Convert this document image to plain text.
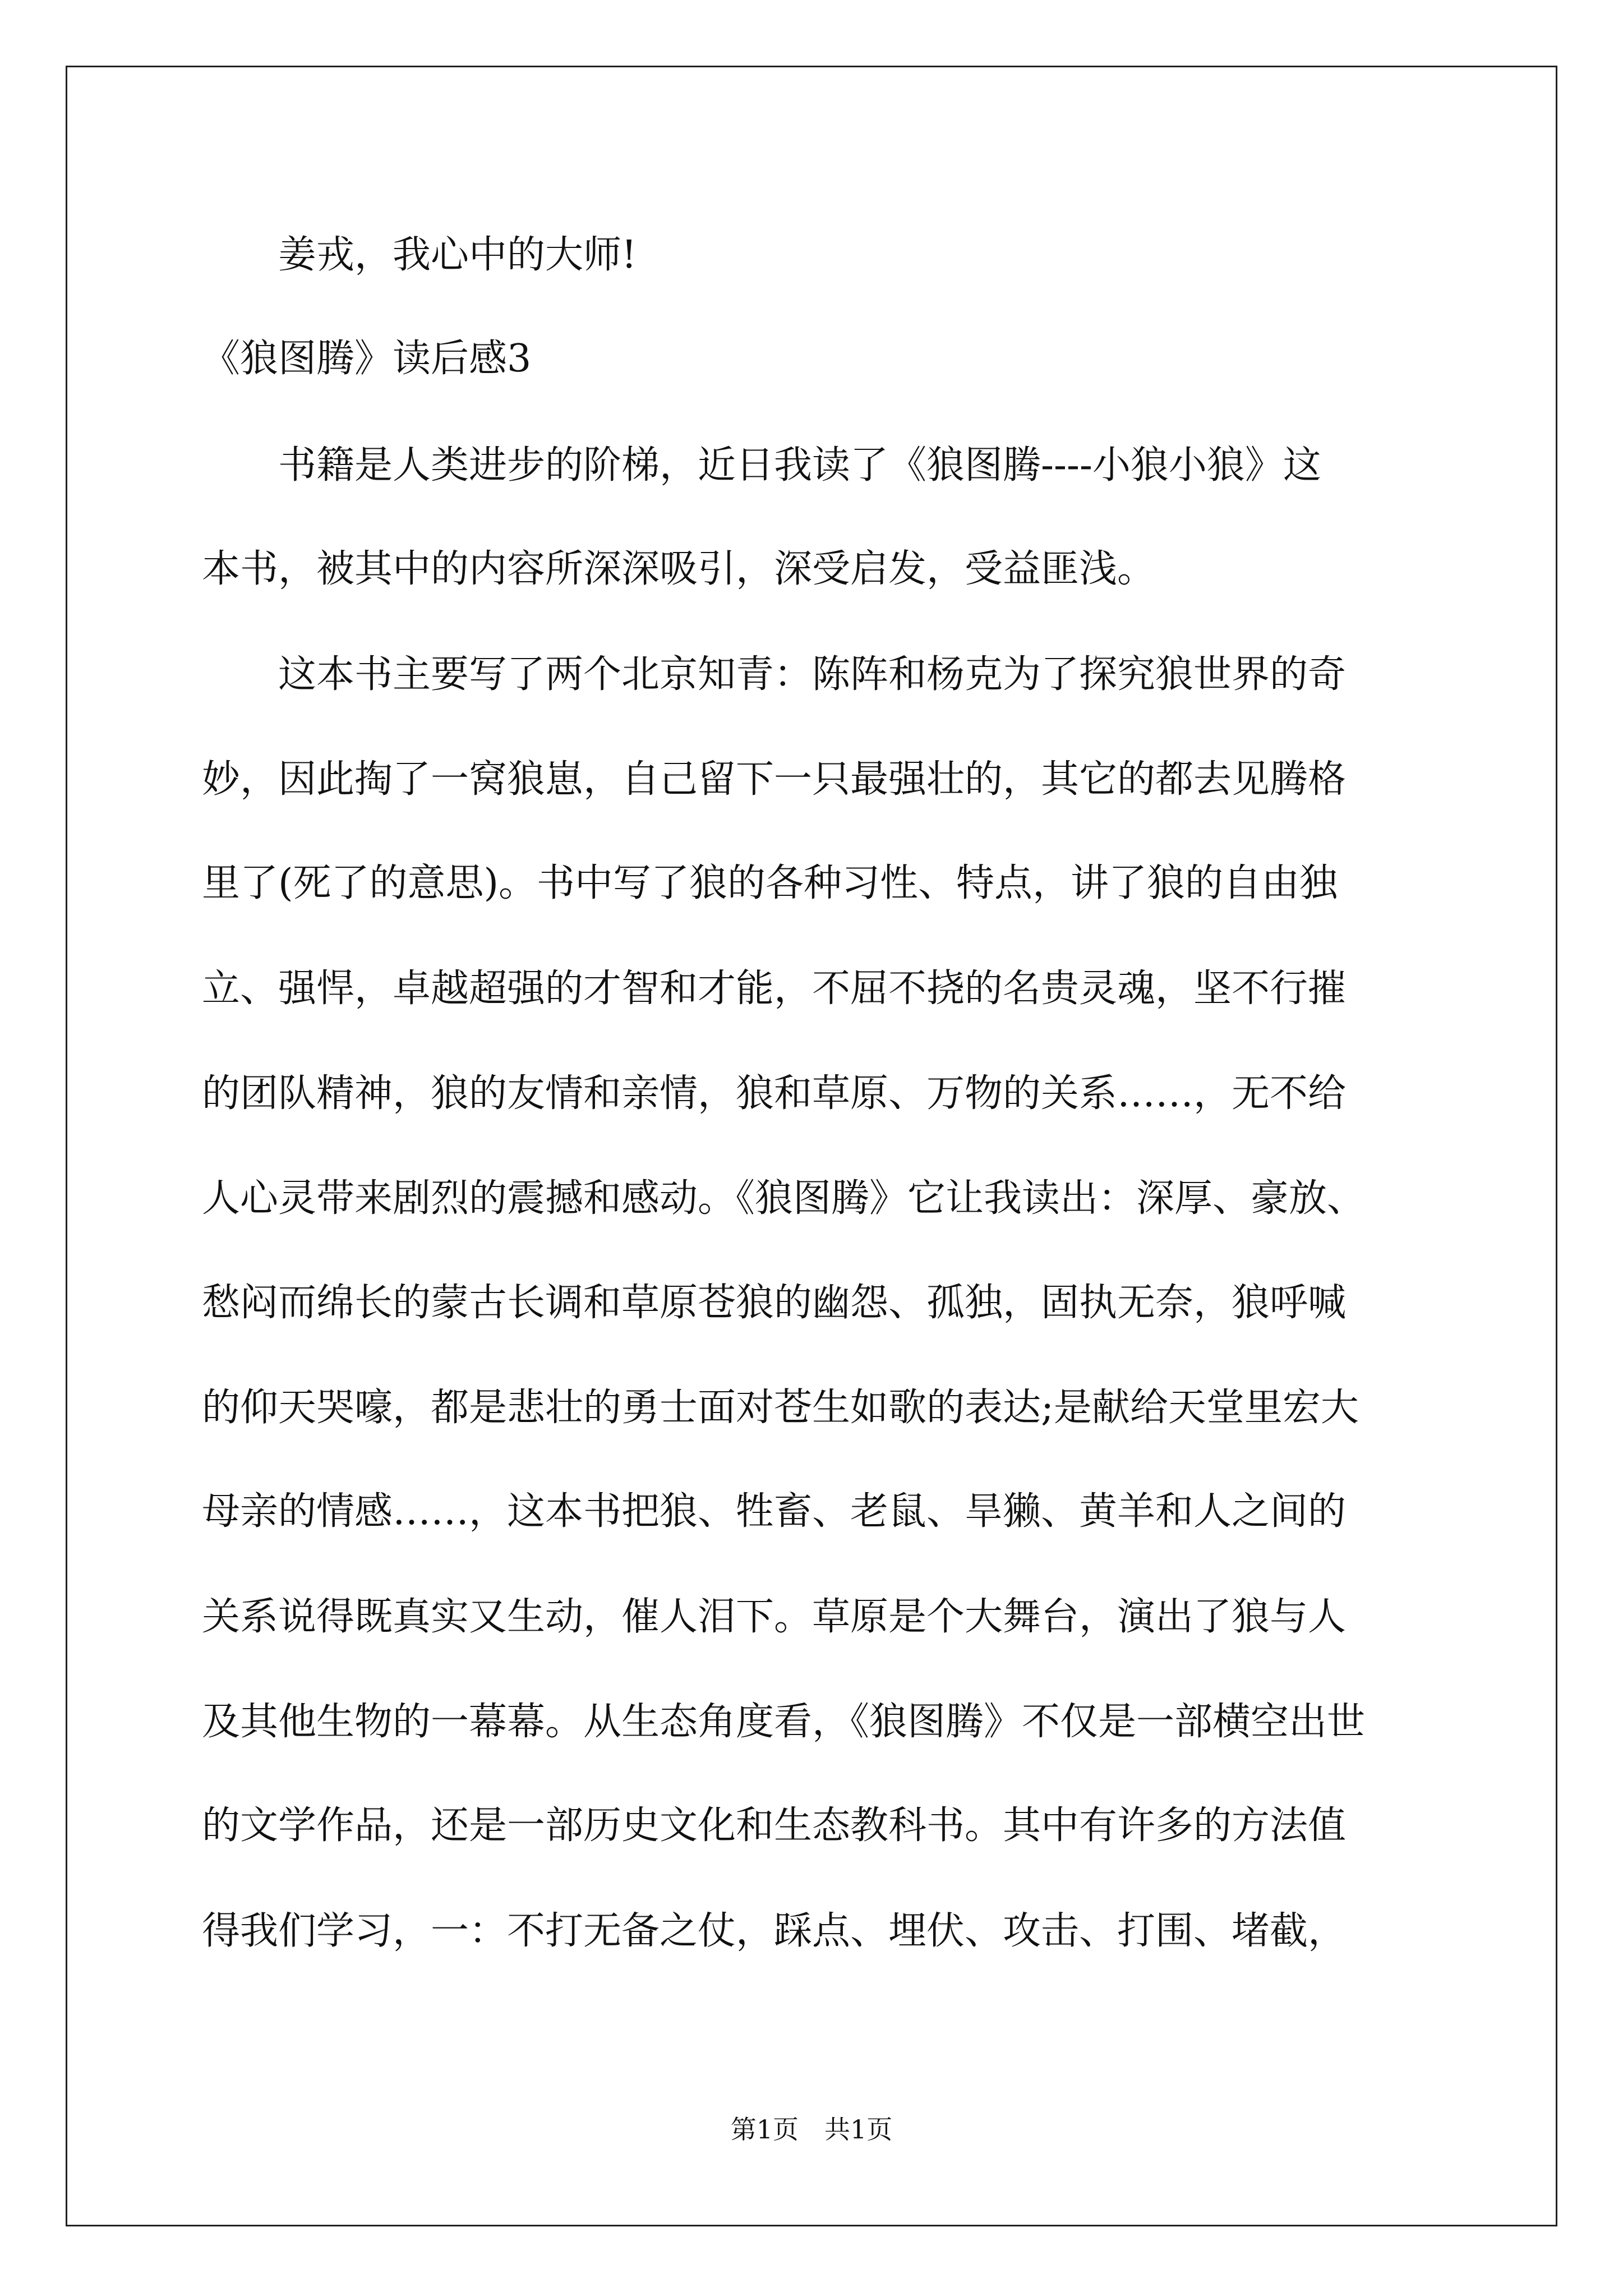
　　姜戎，我心中的大师!
《狼图腾》读后感3
　　书籍是人类进步的阶梯，近日我读了《狼图腾----小狼小狼》这
本书，被其中的内容所深深吸引，深受启发，受益匪浅。
　　这本书主要写了两个北京知青：陈阵和杨克为了探究狼世界的奇
妙，因此掏了一窝狼崽，自己留下一只最强壮的，其它的都去见腾格
里了(死了的意思)。书中写了狼的各种习性、特点，讲了狼的自由独
立、强悍，卓越超强的才智和才能，不屈不挠的名贵灵魂，坚不行摧
的团队精神，狼的友情和亲情，狼和草原、万物的关系……，无不给
人心灵带来剧烈的震撼和感动。《狼图腾》它让我读出：深厚、豪放、
愁闷而绵长的蒙古长调和草原苍狼的幽怨、孤独，固执无奈，狼呼喊
的仰天哭嚎，都是悲壮的勇士面对苍生如歌的表达;是献给天堂里宏大
母亲的情感……，这本书把狼、牲畜、老鼠、旱獭、黄羊和人之间的
关系说得既真实又生动，催人泪下。草原是个大舞台，演出了狼与人
及其他生物的一幕幕。从生态角度看，《狼图腾》不仅是一部横空出世
的文学作品，还是一部历史文化和生态教科书。其中有许多的方法值
得我们学习，一：不打无备之仗，踩点、埋伏、攻击、打围、堵截，
第1页　共1页
